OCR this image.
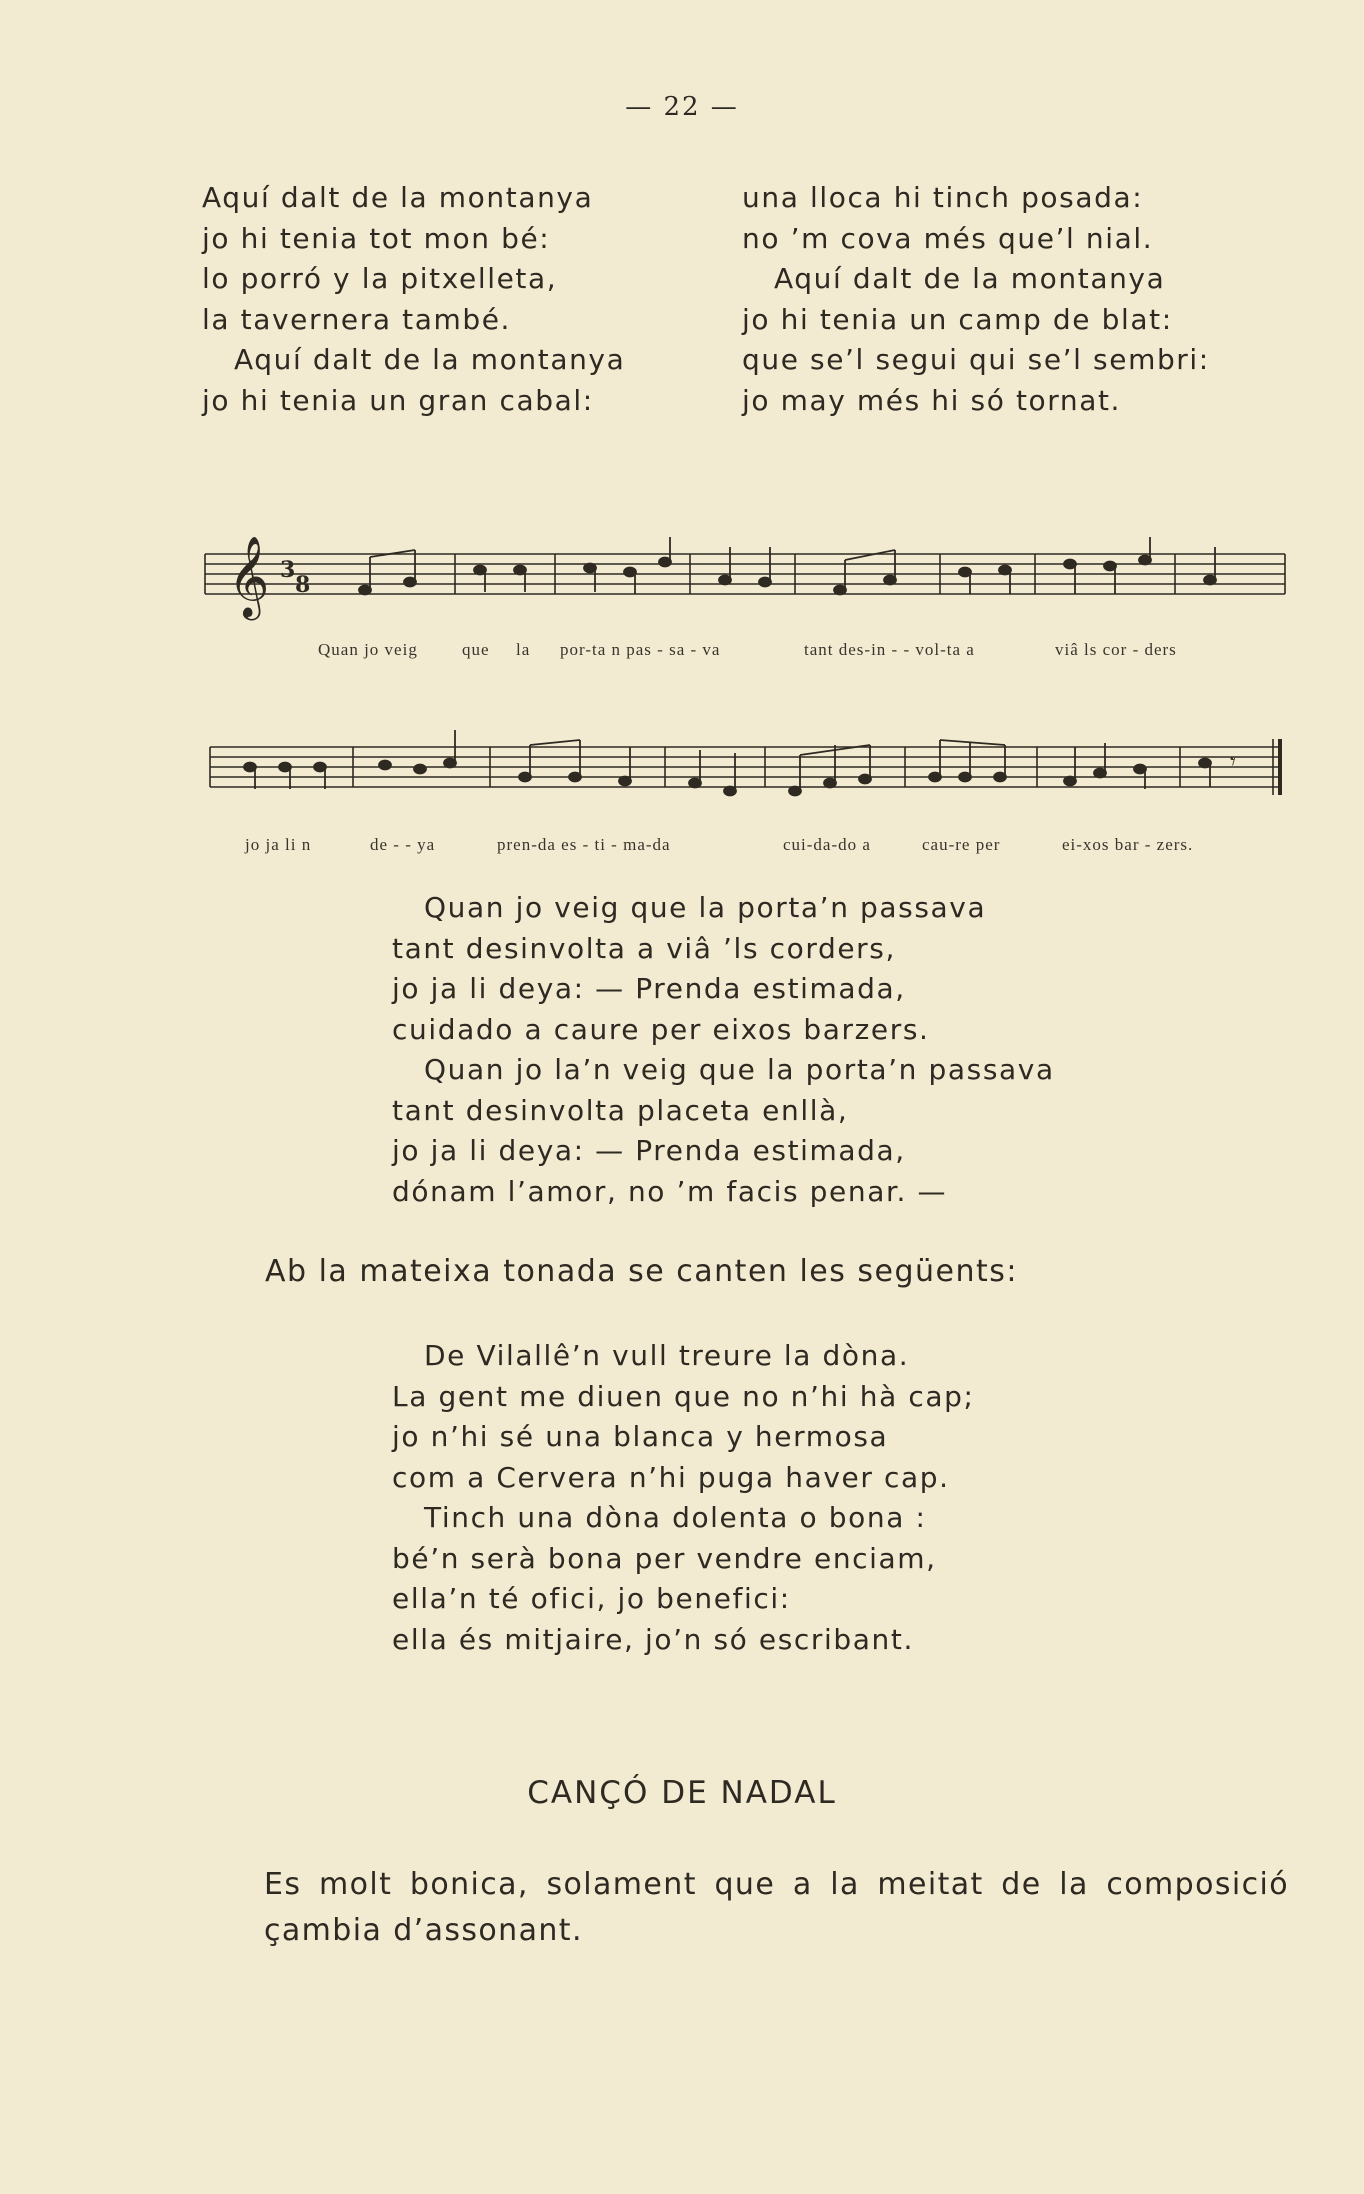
— 22 —
Aquí dalt de la montanya
jo hi tenia tot mon bé:
lo porró y la pitxelleta,
la tavernera també.
Aquí dalt de la montanya
jo hi tenia un gran cabal:
una lloca hi tinch posada:
no ’m cova més que’l nial.
Aquí dalt de la montanya
jo hi tenia un camp de blat:
que se’l segui qui se’l sembri:
jo may més hi só tornat.
𝄞 3
8
Quan jo veig	que la por-ta n pas - sa - va	tant des-in - - vol-ta a	viâ ls cor - ders
𝄾
jo ja li n	de - - ya	pren-da es - ti - ma-da	cui-da-do a	cau-re per	ei-xos bar - zers.
Quan jo veig que la porta’n passava
tant desinvolta a viâ ’ls corders,
jo ja li deya: — Prenda estimada,
cuidado a caure per eixos barzers.
Quan jo la’n veig que la porta’n passava
tant desinvolta placeta enllà,
jo ja li deya: — Prenda estimada,
dónam l’amor, no ’m facis penar. —
Ab la mateixa tonada se canten les següents:
De Vilallê’n vull treure la dòna.
La gent me diuen que no n’hi hà cap;
jo n’hi sé una blanca y hermosa
com a Cervera n’hi puga haver cap.
Tinch una dòna dolenta o bona :
bé’n serà bona per vendre enciam,
ella’n té ofici, jo benefici:
ella és mitjaire, jo’n só escribant.
CANÇÓ DE NADAL
Es molt bonica, solament que a la meitat de la composició çambia d’assonant.
